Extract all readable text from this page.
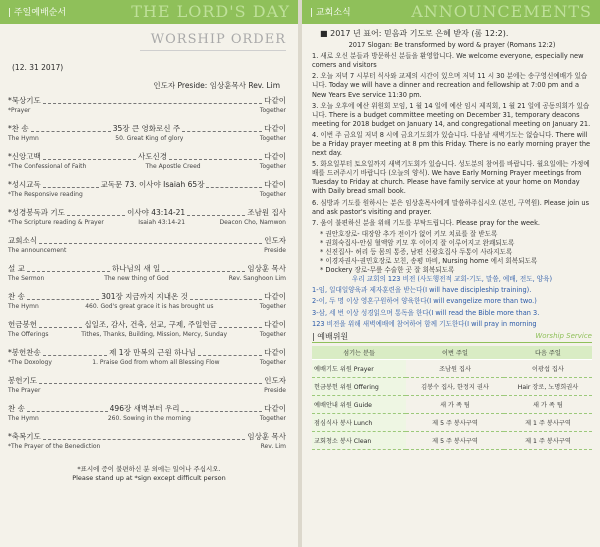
| 주일예배순서	THE LORD'S DAY
WORSHIP ORDER
(12. 31 2017)
인도자 Preside: 임상훈목사 Rev. Lim
*묵상기도	다같이
*Prayer	Together
*찬 송	35장 큰 영화로신 주	다같이
The Hymn	50. Great King of glory	Together
*신앙고백	사도신경	다같이
*The Confessional of Faith	The Apostle Creed	Together
*성시교독	교독문 73. 이사야 Isaiah 65장	다같이
*The Responsive reading	Together
*성경봉독과 기도	이사야 43:14-21	조남원 집사
*The Scripture reading & Prayer	Isaiah 43:14-21	Deacon Cho, Namwon
교회소식	인도자
The announcement	Preside
설 교	하나님의 새 일	임상훈 목사
The Sermon	The new thing of God	Rev. Sanghoon Lim
찬 송	301장 지금까지 지내온 것	다같이
The Hymn	460. God's great grace it is has brought us	Together
헌금봉헌	십일조, 감사, 건축, 선교, 구제, 주일헌금	다같이
The Offerings	Tithes, Thanks, Building, Mission, Mercy, Sunday	Together
*봉헌찬송	제 1장 만복의 근원 하나님	다같이
*The Doxology	1. Praise God from whom all Blessing Flow	Together
봉헌기도	인도자
The Prayer	Preside
찬 송	496장 새벽부터 우리	다같이
The Hymn	260. Sowing in the morning	Together
*축복기도	임상훈 목사
*The Prayer of the Benediction	Rev. Lim
*표시에 증이 불편하신 분 외에는 일어나 주십시오.
Please stand up at *sign except difficult person
| 교회소식	ANNOUNCEMENTS

■ 2017 년 표어: 믿음과 기도로 은혜 받자 (롬 12:2).

2017 Slogan: Be transformed by word & prayer (Romans 12:2)

1. 새로 오신 분들과 방문하신 분들을 환영합니다. We welcome everyone, especially new comers and visitors

2. 오늘 저녁 7 시부터 식사와 교제의 시간이 있으며 저녁 11 시 30 분에는 송구영신예배가 있습니다. Today we will have a dinner and recreation and fellowship at 7:00 pm and a New Years Eve service 11:30 pm.

3. 오늘 오후에 예산 위원회 모임, 1 월 14 일에 예산 임시 제직회, 1 월 21 일에 공동의회가 있습니다. There is a budget committee meeting on December 31, temporary deacons meeting for 2018 budget on January 14, and congregational meeting on January 21.

4. 이번 주 금요일 저녁 8 시에 금요기도회가 있습니다. 다음날 새벽기도는 없습니다. There will be a Friday prayer meeting at 8 pm this Friday. There is no early morning prayer the next day.

5. 화요일부터 토요일까지 새벽기도회가 있습니다. 성도분의 참여를 바랍니다. 월요일에는 가정예배를 드려주시기 바랍니다 (오늘의 양식). We have Early Morning Prayer meetings from Tuesday to Friday at church. Please have family service at your home on Monday with Daily bread small book.

6. 심방과 기도를 원하시는 분은 임상훈목사에게 말씀하주십시오 (본인, 구역원). Please join us and ask pastor's visiting and prayer.

7. 움이 불편하신 분을 위해 기도를 부탁드립니다. Please pray for the week.

* 권안호장로- 대장암 추가 전이가 없어 키모 치료를 잘 받도록

* 권희숙집사-안심 혈액암 키모 후 이어지 잘 이루어지고 완쾌되도록

* 신진집사- 허리 등 몸의 통증, 남편 신광호집사 두통이 사라지도록

* 이경자권사-권민호장로 모친, 송평 마비, Nursing home 에서 회복되도록

* Dockery 장로-무릎 수술한 곳 잘 회복되도록

우리 교회의 123 비전 (사도행전적 교회-기도, 말씀, 예배, 전도, 양육)

1-임, 일대일양육과 제자훈련을 받는다(I will have discipleship training).

2-이, 두 명 이상 영혼구원하여 양육한다(I will evangelize more than two.)

3-삼, 세 번 이상 성경읽으며 통독을 한다(I will read the Bible more than 3.

123 비전을 위해 새벽예배에 참여하여 함께 기도한다(I will pray in morning

| 예배위원	Worship Service
섬기는 분들	이번 주일	다음 주일
예배기도 위원 Prayer	조남원 집사	이광섭 집사
헌금봉헌 위원 Offering	김봉수 집사, 한정지 권사	Hair 장로, 노명희권사
예배안내 위원 Guide	새 가 족 팀	새 가 족 팀
점심식사 봉사 Lunch	제 5 주 봉사구역	제 1 주 봉사구역
교회청소 봉사 Clean	제 5 주 봉사구역	제 1 주 봉사구역
